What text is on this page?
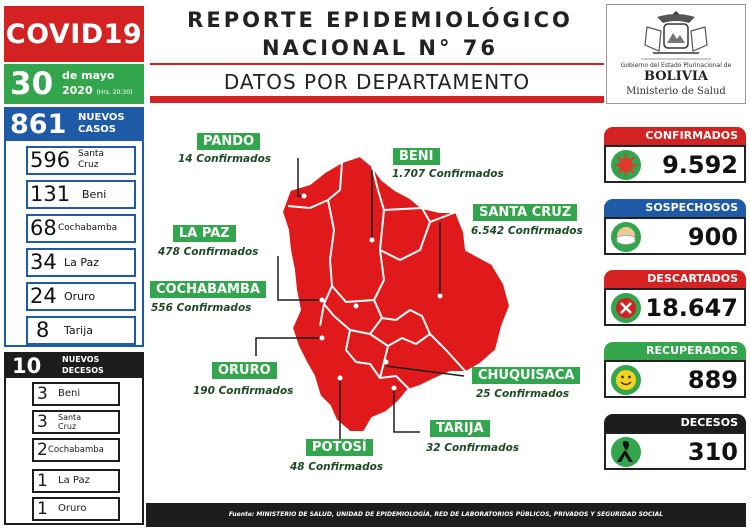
COVID19
30 de mayo
2020 (Hrs. 20:30)
861 NUEVOS
CASOS
596 Santa
Cruz
131 Beni
68 Cochabamba
34 La Paz
24 Oruro
8 Tarija
10	NUEVOS
DECESOS
3 Beni
3 Santa
Cruz
2 Cochabamba
1 La Paz
1 Oruro
REPORTE EPIDEMIOLÓGICO
NACIONAL N° 76
DATOS POR DEPARTAMENTO
Gobierno del Estado Plurinacional de
BOLIVIA
Ministerio de Salud
PANDO
14 Confirmados	BENI
1.707 Confirmados
LA PAZ
478 Confirmados
SANTA CRUZ
6.542 Confirmados
COCHABAMBA
556 Confirmados
ORURO
190 Confirmados
CHUQUISACA
25 Confirmados
TARIJA
32 Confirmados
POTOSÍ
48 Confirmados
CONFIRMADOS
9.592
SOSPECHOSOS
900
DESCARTADOS
18.647
RECUPERADOS
889
DECESOS
310
Fuente: MINISTERIO DE SALUD, UNIDAD DE EPIDEMIOLOGÍA, RED DE LABORATORIOS PÚBLICOS, PRIVADOS Y SEGURIDAD SOCIAL
